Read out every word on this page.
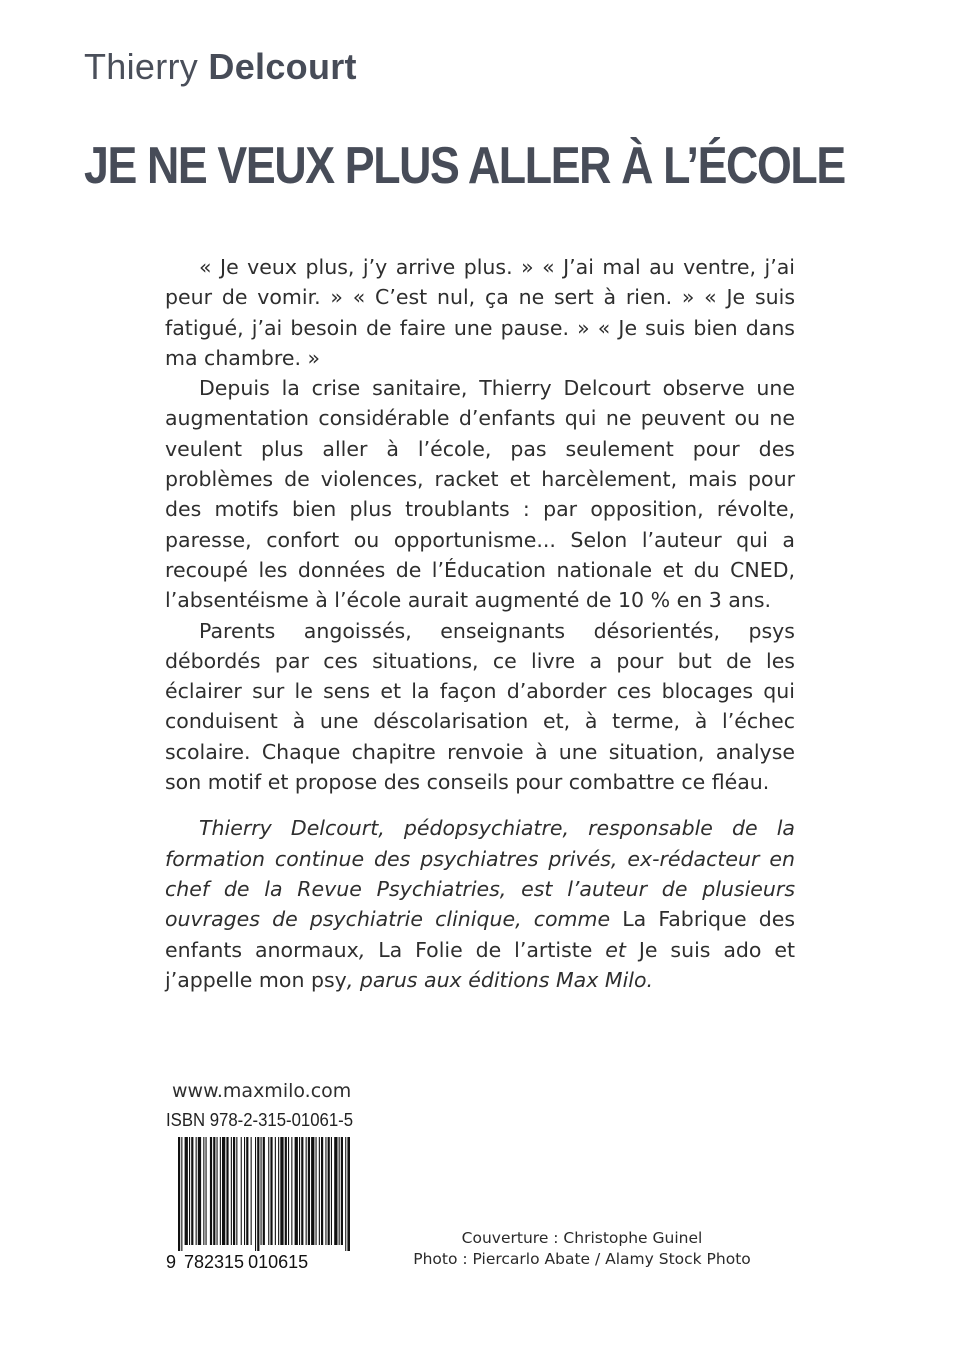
Thierry Delcourt
JE NE VEUX PLUS ALLER À L’ÉCOLE

« Je veux plus, j’y arrive plus. » « J’ai mal au ventre, j’ai peur de vomir. » « C’est nul, ça ne sert à rien. » « Je suis fatigué, j’ai besoin de faire une pause. » « Je suis bien dans ma chambre. »

Depuis la crise sanitaire, Thierry Delcourt observe une augmentation considérable d’enfants qui ne peuvent ou ne veulent plus aller à l’école, pas seulement pour des problèmes de violences, racket et harcèlement, mais pour des motifs bien plus troublants : par opposition, révolte, paresse, confort ou opportunisme... Selon l’auteur qui a recoupé les données de l’Éducation nationale et du CNED, l’absentéisme à l’école aurait augmenté de 10 % en 3 ans.

Parents angoissés, enseignants désorientés, psys débordés par ces situations, ce livre a pour but de les éclairer sur le sens et la façon d’aborder ces blocages qui conduisent à une déscolarisation et, à terme, à l’échec scolaire. Chaque chapitre renvoie à une situation, analyse son motif et propose des conseils pour combattre ce fléau.

Thierry Delcourt, pédopsychiatre, responsable de la formation continue des psychiatres privés, ex-rédacteur en chef de la Revue Psychiatries, est l’auteur de plusieurs ouvrages de psychiatrie clinique, comme La Fabrique des enfants anormaux, La Folie de l’artiste et Je suis ado et j’appelle mon psy, parus aux éditions Max Milo.

www.maxmilo.com
ISBN 978-2-315-01061-5
9 782315 010615
Couverture : Christophe Guinel
Photo : Piercarlo Abate / Alamy Stock Photo
